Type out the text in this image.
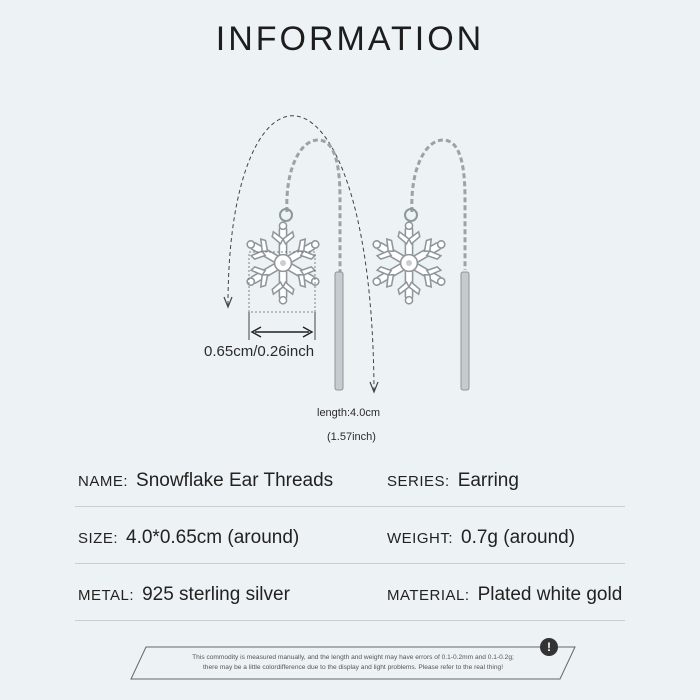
INFORMATION
0.65cm/0.26inch
length:4.0cm
(1.57inch)
NAME: Snowflake Ear Threads	SERIES: Earring
SIZE: 4.0*0.65cm (around)	WEIGHT: 0.7g (around)
METAL: 925 sterling silver	MATERIAL: Plated white gold
This commodity is measured manually, and the length and weight may have errors of 0.1-0.2mm and 0.1-0.2g;
there may be a little colordifference due to the display and light problems. Please refer to the real thing!
!
